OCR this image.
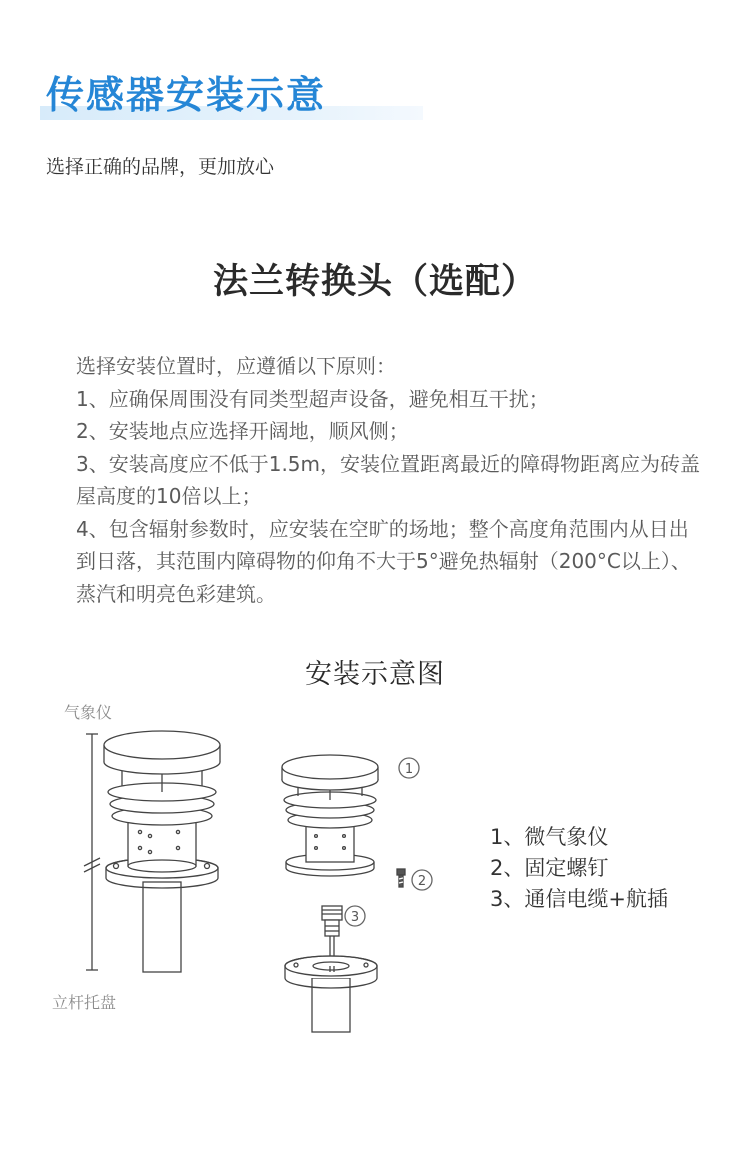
传感器安装示意
选择正确的品牌，更加放心
法兰转换头（选配）

选择安装位置时，应遵循以下原则：

1、应确保周围没有同类型超声设备，避免相互干扰；

2、安装地点应选择开阔地，顺风侧；

3、安装高度应不低于1.5m，安装位置距离最近的障碍物距离应为砖盖屋高度的10倍以上；

4、包含辐射参数时，应安装在空旷的场地；整个高度角范围内从日出到日落，其范围内障碍物的仰角不大于5°避免热辐射（200°C以上）、蒸汽和明亮色彩建筑。

安装示意图
气象仪
立杆托盘
1
2
3
1、微气象仪
2、固定螺钉
3、通信电缆+航插
